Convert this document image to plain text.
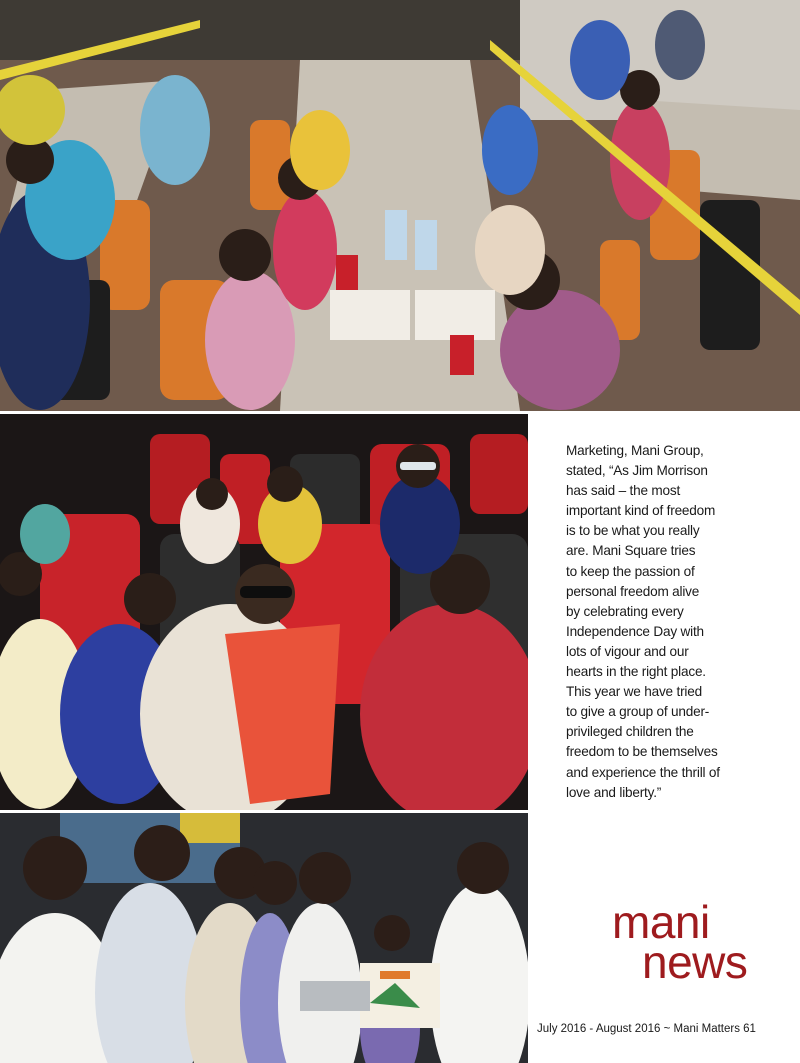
Marketing, Mani Group,
stated, “As Jim Morrison
has said – the most
important kind of freedom
is to be what you really
are. Mani Square tries
to keep the passion of
personal freedom alive
by celebrating every
Independence Day with
lots of vigour and our
hearts in the right place.
This year we have tried
to give a group of under-
privileged children the
freedom to be themselves
and experience the thrill of
love and liberty.”
mani
news
July 2016 - August 2016 ~ Mani Matters 61
